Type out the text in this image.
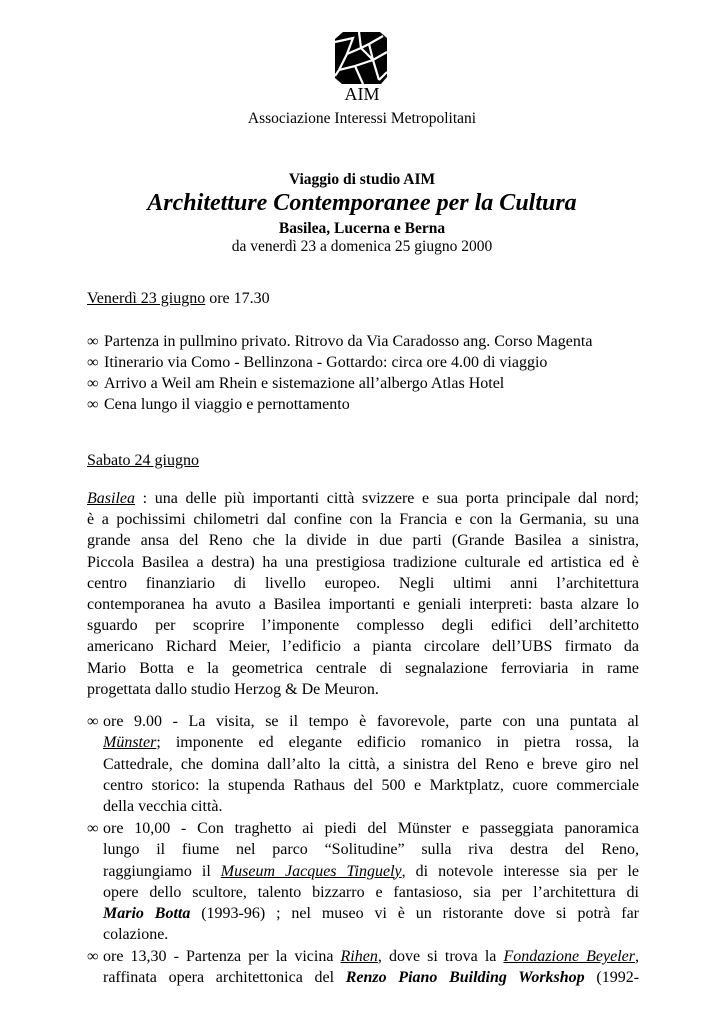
AIM
Associazione Interessi Metropolitani
Viaggio di studio AIM
Architetture Contemporanee per la Cultura
Basilea, Lucerna e Berna
da venerdì 23 a domenica 25 giugno 2000
Venerdì 23 giugno ore 17.30
∞ Partenza in pullmino privato. Ritrovo da Via Caradosso ang. Corso Magenta
∞ Itinerario via Como - Bellinzona - Gottardo: circa ore 4.00 di viaggio
∞ Arrivo a Weil am Rhein e sistemazione all’albergo Atlas Hotel
∞ Cena lungo il viaggio e pernottamento
Sabato 24 giugno
Basilea : una delle più importanti città svizzere e sua porta principale dal nord;
è a pochissimi chilometri dal confine con la Francia e con la Germania, su una
grande ansa del Reno che la divide in due parti (Grande Basilea a sinistra,
Piccola Basilea a destra) ha una prestigiosa tradizione culturale ed artistica ed è
centro finanziario di livello europeo. Negli ultimi anni l’architettura
contemporanea ha avuto a Basilea importanti e geniali interpreti: basta alzare lo
sguardo per scoprire l’imponente complesso degli edifici dell’architetto
americano Richard Meier, l’edificio a pianta circolare dell’UBS firmato da
Mario Botta e la geometrica centrale di segnalazione ferroviaria in rame
progettata dallo studio Herzog & De Meuron.
∞ ore 9.00 - La visita, se il tempo è favorevole, parte con una puntata al
Münster; imponente ed elegante edificio romanico in pietra rossa, la
Cattedrale, che domina dall’alto la città, a sinistra del Reno e breve giro nel
centro storico: la stupenda Rathaus del 500 e Marktplatz, cuore commerciale
della vecchia città.
∞ ore 10,00 - Con traghetto ai piedi del Münster e passeggiata panoramica
lungo il fiume nel parco “Solitudine” sulla riva destra del Reno,
raggiungiamo il Museum Jacques Tinguely, di notevole interesse sia per le
opere dello scultore, talento bizzarro e fantasioso, sia per l’architettura di
Mario Botta (1993-96) ; nel museo vi è un ristorante dove si potrà far
colazione.
∞ ore 13,30 - Partenza per la vicina Rihen, dove si trova la Fondazione Beyeler,
raffinata opera architettonica del Renzo Piano Building Workshop (1992-
